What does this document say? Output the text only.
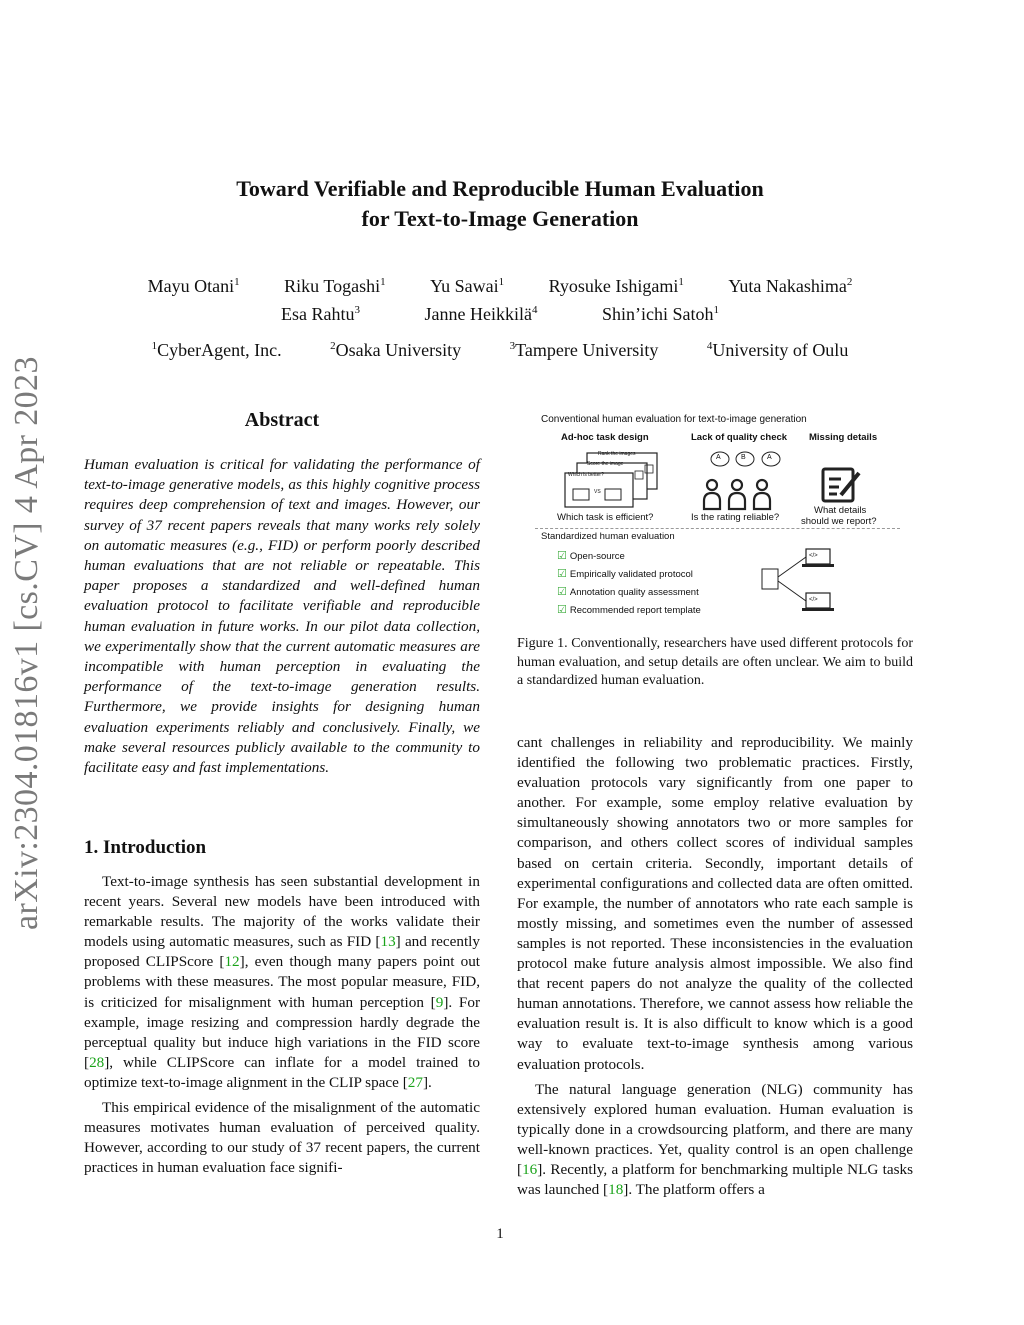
Toward Verifiable and Reproducible Human Evaluation
for Text-to-Image Generation
Mayu Otani$^1$ Riku Togashi$^1$ Yu Sawai$^1$ Ryosuke Ishigami$^1$ Yuta Nakashima$^2$
Esa Rahtu$^3$	Janne Heikkilä$^4$	Shin’ichi Satoh$^1$
$^1$CyberAgent, Inc.	$^2$Osaka University	$^3$Tampere University	$^4$University of Oulu
arXiv:2304.01816v1 [cs.CV] 4 Apr 2023	Abstract
Human evaluation is critical for validating the performance of text-to-image generative models, as this highly cognitive process requires deep comprehension of text and images. However, our survey of 37 recent papers reveals that many works rely solely on automatic measures (e.g., FID) or perform poorly described human evaluations that are not reliable or repeatable. This paper proposes a standardized and well-defined human evaluation protocol to facilitate verifiable and reproducible human evaluation in future works. In our pilot data collection, we experimentally show that the current automatic measures are incompatible with human perception in evaluating the performance of the text-to-image generation results. Furthermore, we provide insights for designing human evaluation experiments reliably and conclusively. Finally, we make several resources publicly available to the community to facilitate easy and fast implementations.
1. Introduction

Text-to-image synthesis has seen substantial development in recent years. Several new models have been introduced with remarkable results. The majority of the works validate their models using automatic measures, such as FID [13] and recently proposed CLIPScore [12], even though many papers point out problems with these measures. The most popular measure, FID, is criticized for misalignment with human perception [9]. For example, image resizing and compression hardly degrade the perceptual quality but induce high variations in the FID score [28], while CLIPScore can inflate for a model trained to optimize text-to-image alignment in the CLIP space [27].

This empirical evidence of the misalignment of the automatic measures motivates human evaluation of perceived quality. However, according to our study of 37 recent papers, the current practices in human evaluation face signifi-

Conventional human evaluation for text-to-image generation
Ad-hoc task design	Lack of quality check Missing details
Rank the images
Score the image
Which is better?
VS
A	B	A
Which task is efficient?	Is the rating reliable?
What details
should we report?
Standardized human evaluation
☑ Open-source
☑ Empirically validated protocol
☑ Annotation quality assessment
☑ Recommended report template
</>
</>
Figure 1. Conventionally, researchers have used different protocols for human evaluation, and setup details are often unclear. We aim to build a standardized human evaluation.

cant challenges in reliability and reproducibility. We mainly identified the following two problematic practices. Firstly, evaluation protocols vary significantly from one paper to another. For example, some employ relative evaluation by simultaneously showing annotators two or more samples for comparison, and others collect scores of individual samples based on certain criteria. Secondly, important details of experimental configurations and collected data are often omitted. For example, the number of annotators who rate each sample is mostly missing, and sometimes even the number of assessed samples is not reported. These inconsistencies in the evaluation protocol make future analysis almost impossible. We also find that recent papers do not analyze the quality of the collected human annotations. Therefore, we cannot assess how reliable the evaluation result is. It is also difficult to know which is a good way to evaluate text-to-image synthesis among various evaluation protocols.

The natural language generation (NLG) community has extensively explored human evaluation. Human evaluation is typically done in a crowdsourcing platform, and there are many well-known practices. Yet, quality control is an open challenge [16]. Recently, a platform for benchmarking multiple NLG tasks was launched [18]. The platform offers a

1
